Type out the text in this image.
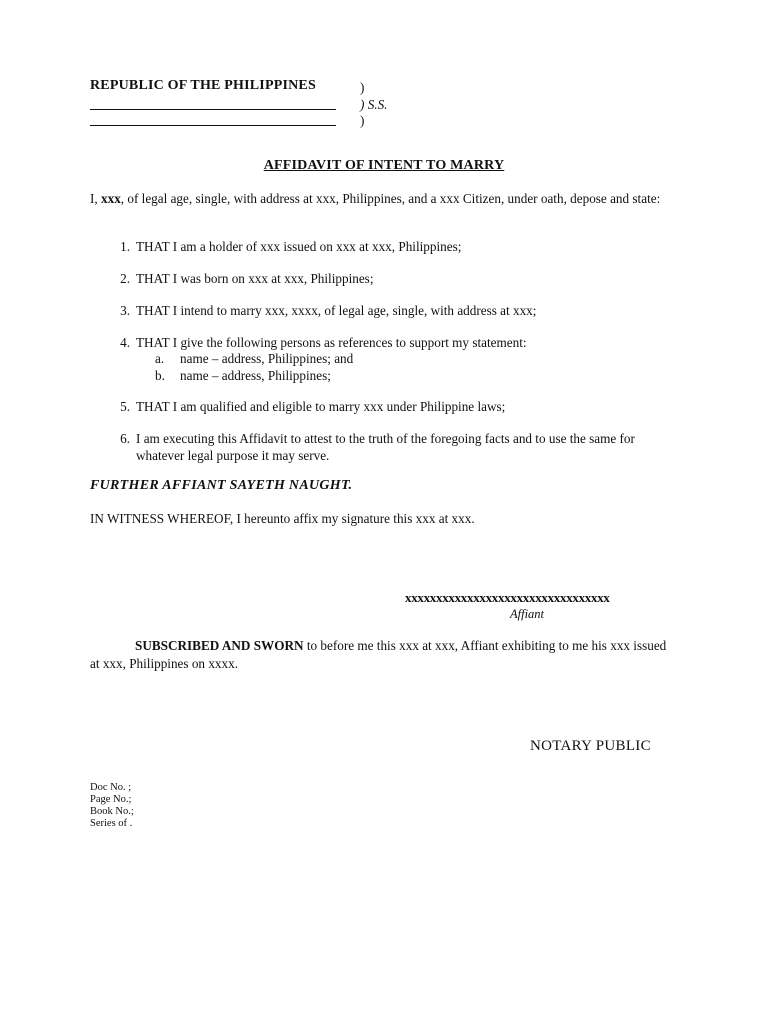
REPUBLIC OF THE PHILIPPINES	)
) S.S.
)
AFFIDAVIT OF INTENT TO MARRY
I, xxx, of legal age, single, with address at xxx, Philippines, and a xxx Citizen, under oath, depose and state:
1. THAT I am a holder of xxx issued on xxx at xxx, Philippines;
2. THAT I was born on xxx at xxx, Philippines;
3. THAT I intend to marry xxx, xxxx, of legal age, single, with address at xxx;
4. THAT I give the following persons as references to support my statement:
a. name – address, Philippines; and
b. name – address, Philippines;
5. THAT I am qualified and eligible to marry xxx under Philippine laws;
6. I am executing this Affidavit to attest to the truth of the foregoing facts and to use the same for whatever legal purpose it may serve.
FURTHER AFFIANT SAYETH NAUGHT.
IN WITNESS WHEREOF, I hereunto affix my signature this xxx at xxx.
xxxxxxxxxxxxxxxxxxxxxxxxxxxxxxxxx
Affiant
SUBSCRIBED AND SWORN to before me this xxx at xxx, Affiant exhibiting to me his xxx issued at xxx, Philippines on xxxx.
NOTARY PUBLIC
Doc No. ;
Page No.;
Book No.;
Series of .
